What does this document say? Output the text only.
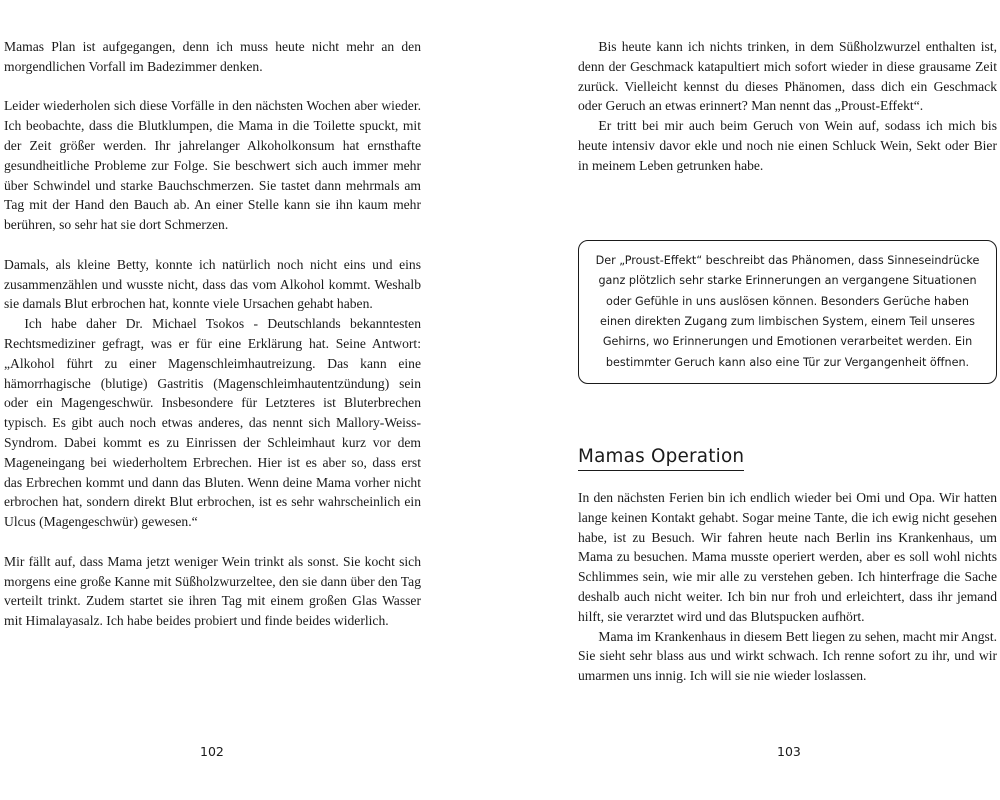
Mamas Plan ist aufgegangen, denn ich muss heute nicht mehr an den morgendlichen Vorfall im Badezimmer denken.

Leider wiederholen sich diese Vorfälle in den nächsten Wochen aber wieder. Ich beobachte, dass die Blutklumpen, die Mama in die Toilette spuckt, mit der Zeit größer werden. Ihr jahrelanger Alkoholkonsum hat ernsthafte gesundheitliche Probleme zur Folge. Sie beschwert sich auch immer mehr über Schwindel und starke Bauchschmerzen. Sie tastet dann mehrmals am Tag mit der Hand den Bauch ab. An einer Stelle kann sie ihn kaum mehr berühren, so sehr hat sie dort Schmerzen.

Damals, als kleine Betty, konnte ich natürlich noch nicht eins und eins zusammenzählen und wusste nicht, dass das vom Alkohol kommt. Weshalb sie damals Blut erbrochen hat, konnte viele Ursachen gehabt haben.

Ich habe daher Dr. Michael Tsokos - Deutschlands bekanntesten Rechtsmediziner gefragt, was er für eine Erklärung hat. Seine Antwort: „Alkohol führt zu einer Magenschleimhautreizung. Das kann eine hämorrhagische (blutige) Gastritis (Magenschleimhautentzündung) sein oder ein Magengeschwür. Insbesondere für Letzteres ist Bluterbrechen typisch. Es gibt auch noch etwas anderes, das nennt sich Mallory-Weiss-Syndrom. Dabei kommt es zu Einrissen der Schleimhaut kurz vor dem Mageneingang bei wiederholtem Erbrechen. Hier ist es aber so, dass erst das Erbrechen kommt und dann das Bluten. Wenn deine Mama vorher nicht erbrochen hat, sondern direkt Blut erbrochen, ist es sehr wahrscheinlich ein Ulcus (Magengeschwür) gewesen.“

Mir fällt auf, dass Mama jetzt weniger Wein trinkt als sonst. Sie kocht sich morgens eine große Kanne mit Süßholzwurzeltee, den sie dann über den Tag verteilt trinkt. Zudem startet sie ihren Tag mit einem großen Glas Wasser mit Himalayasalz. Ich habe beides probiert und finde beides widerlich.

102

Bis heute kann ich nichts trinken, in dem Süßholzwurzel enthalten ist, denn der Geschmack katapultiert mich sofort wieder in diese grausame Zeit zurück. Vielleicht kennst du dieses Phänomen, dass dich ein Geschmack oder Geruch an etwas erinnert? Man nennt das „Proust-Effekt“.

Er tritt bei mir auch beim Geruch von Wein auf, sodass ich mich bis heute intensiv davor ekle und noch nie einen Schluck Wein, Sekt oder Bier in meinem Leben getrunken habe.

Der „Proust-Effekt“ beschreibt das Phänomen, dass Sinneseindrücke ganz plötzlich sehr starke Erinnerungen an vergangene Situationen oder Gefühle in uns auslösen können. Besonders Gerüche haben einen direkten Zugang zum limbischen System, einem Teil unseres Gehirns, wo Erinnerungen und Emotionen verarbeitet werden. Ein bestimmter Geruch kann also eine Tür zur Vergangenheit öffnen.

Mamas Operation

In den nächsten Ferien bin ich endlich wieder bei Omi und Opa. Wir hatten lange keinen Kontakt gehabt. Sogar meine Tante, die ich ewig nicht gesehen habe, ist zu Besuch. Wir fahren heute nach Berlin ins Krankenhaus, um Mama zu besuchen. Mama musste operiert werden, aber es soll wohl nichts Schlimmes sein, wie mir alle zu verstehen geben. Ich hinterfrage die Sache deshalb auch nicht weiter. Ich bin nur froh und erleichtert, dass ihr jemand hilft, sie verarztet wird und das Blutspucken aufhört.

Mama im Krankenhaus in diesem Bett liegen zu sehen, macht mir Angst. Sie sieht sehr blass aus und wirkt schwach. Ich renne sofort zu ihr, und wir umarmen uns innig. Ich will sie nie wieder loslassen.

103
